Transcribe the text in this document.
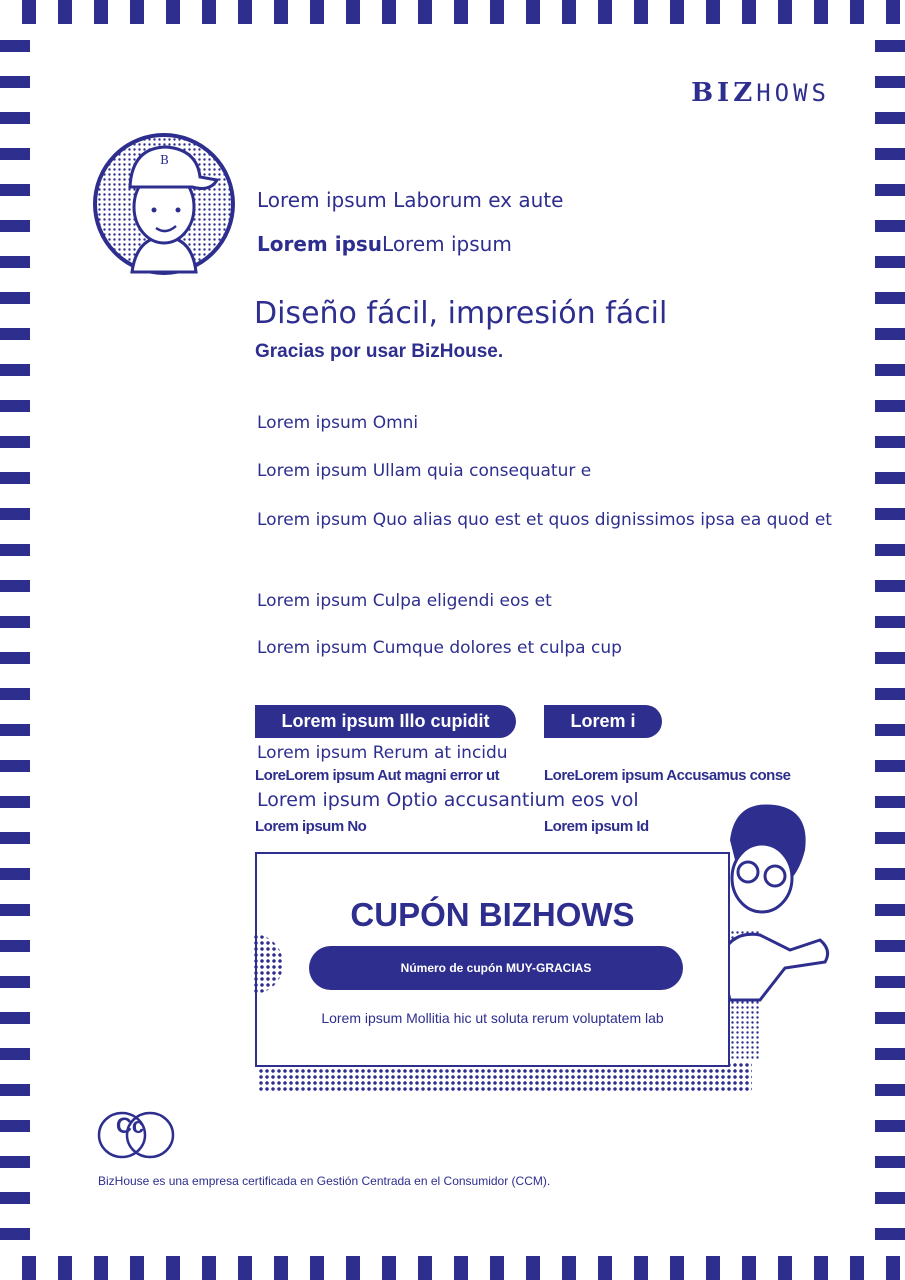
BIZHOWS
B
Lorem ipsum Laborum ex aute
Lorem ipsuLorem ipsum
Diseño fácil, impresión fácil
Gracias por usar BizHouse.
Lorem ipsum Omni
Lorem ipsum Ullam quia consequatur e
Lorem ipsum Quo alias quo est et quos dignissimos ipsa ea quod et
Lorem ipsum Culpa eligendi eos et
Lorem ipsum Cumque dolores et culpa cup
Lorem ipsum Illo cupidit
Lorem ipsum Rerum at incidu
LoreLorem ipsum Aut magni error ut
Lorem ipsum Optio accusantium eos vol
Lorem ipsum No
Lorem i
LoreLorem ipsum Accusamus conse
Lorem ipsum Id
CUPÓN BIZHOWS
Número de cupón MUY-GRACIAS
Lorem ipsum Mollitia hic ut soluta rerum voluptatem lab
Cc
BizHouse es una empresa certificada en Gestión Centrada en el Consumidor (CCM).
